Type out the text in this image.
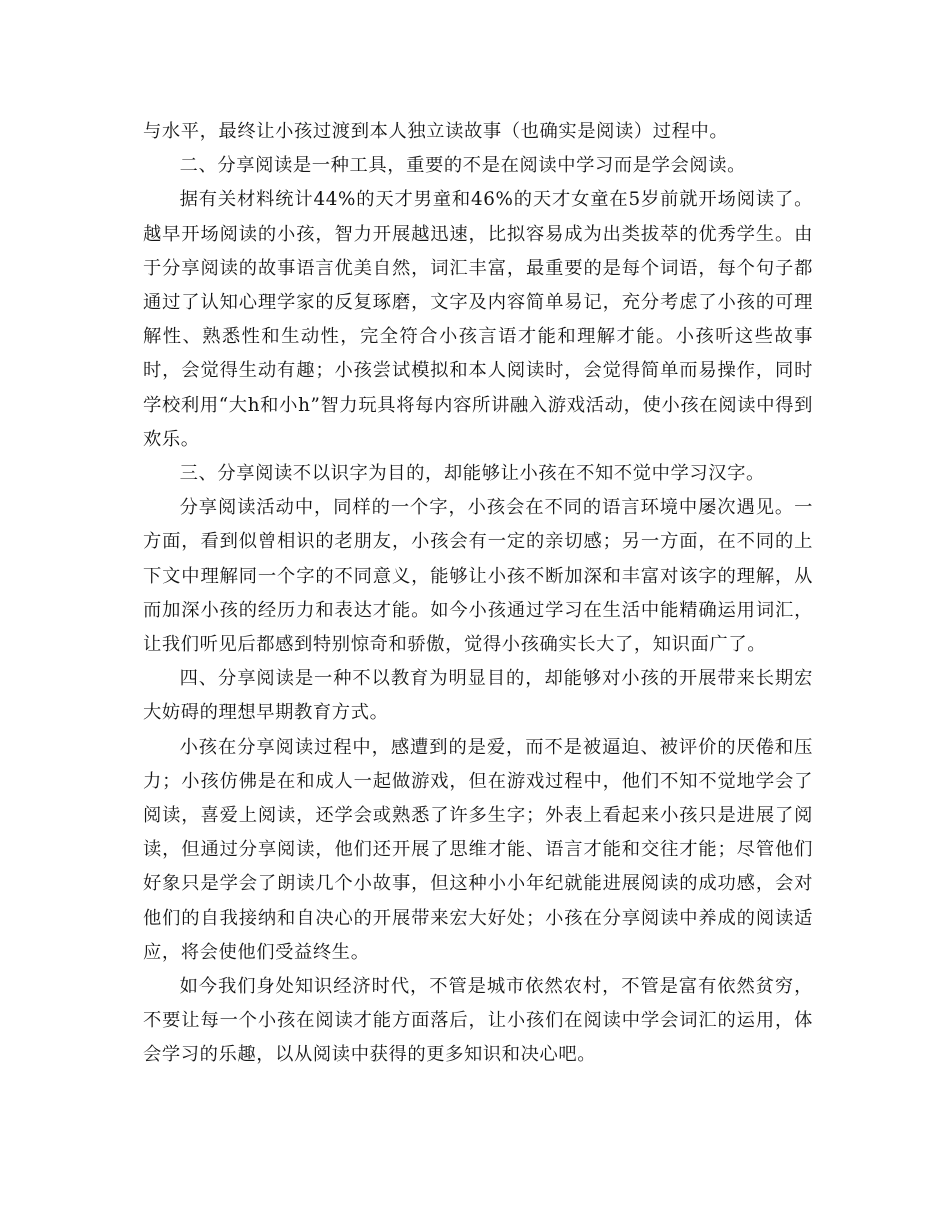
与水平，最终让小孩过渡到本人独立读故事（也确实是阅读）过程中。

二、分享阅读是一种工具，重要的不是在阅读中学习而是学会阅读。

据有关材料统计44%的天才男童和46%的天才女童在5岁前就开场阅读了。越早开场阅读的小孩，智力开展越迅速，比拟容易成为出类拔萃的优秀学生。由于分享阅读的故事语言优美自然，词汇丰富，最重要的是每个词语，每个句子都通过了认知心理学家的反复琢磨，文字及内容简单易记，充分考虑了小孩的可理解性、熟悉性和生动性，完全符合小孩言语才能和理解才能。小孩听这些故事时，会觉得生动有趣；小孩尝试模拟和本人阅读时，会觉得简单而易操作，同时学校利用“大h和小h”智力玩具将每内容所讲融入游戏活动，使小孩在阅读中得到欢乐。

三、分享阅读不以识字为目的，却能够让小孩在不知不觉中学习汉字。

分享阅读活动中，同样的一个字，小孩会在不同的语言环境中屡次遇见。一方面，看到似曾相识的老朋友，小孩会有一定的亲切感；另一方面，在不同的上下文中理解同一个字的不同意义，能够让小孩不断加深和丰富对该字的理解，从而加深小孩的经历力和表达才能。如今小孩通过学习在生活中能精确运用词汇，让我们听见后都感到特别惊奇和骄傲，觉得小孩确实长大了，知识面广了。

四、分享阅读是一种不以教育为明显目的，却能够对小孩的开展带来长期宏大妨碍的理想早期教育方式。

小孩在分享阅读过程中，感遭到的是爱，而不是被逼迫、被评价的厌倦和压力；小孩仿佛是在和成人一起做游戏，但在游戏过程中，他们不知不觉地学会了阅读，喜爱上阅读，还学会或熟悉了许多生字；外表上看起来小孩只是进展了阅读，但通过分享阅读，他们还开展了思维才能、语言才能和交往才能；尽管他们好象只是学会了朗读几个小故事，但这种小小年纪就能进展阅读的成功感，会对他们的自我接纳和自决心的开展带来宏大好处；小孩在分享阅读中养成的阅读适应，将会使他们受益终生。

如今我们身处知识经济时代，不管是城市依然农村，不管是富有依然贫穷，不要让每一个小孩在阅读才能方面落后，让小孩们在阅读中学会词汇的运用，体会学习的乐趣，以从阅读中获得的更多知识和决心吧。
